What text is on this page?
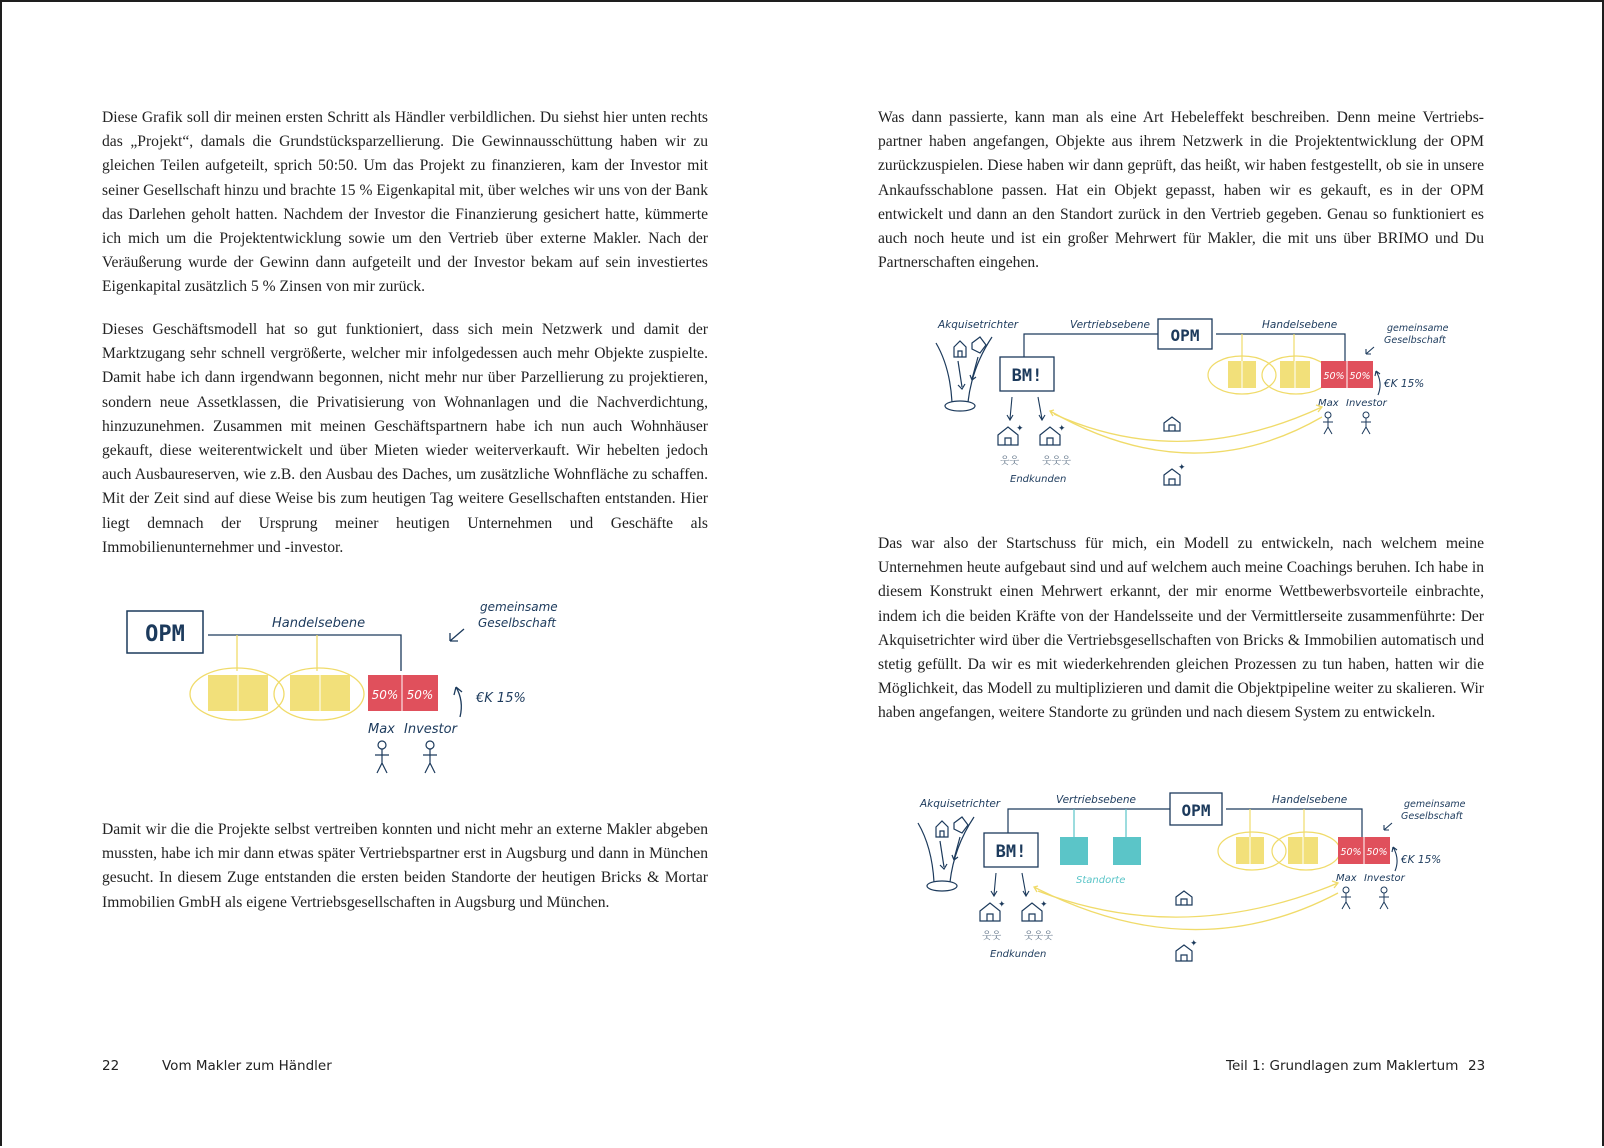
Diese Grafik soll dir meinen ersten Schritt als Händler verbildlichen. Du siehst hier unten rechts das „Projekt“, damals die Grundstücksparzellierung. Die Gewinnausschüttung haben wir zu gleichen Teilen aufgeteilt, sprich 50:50. Um das Projekt zu finanzieren, kam der Investor mit seiner Gesellschaft hinzu und brachte 15 % Eigenkapital mit, über welches wir uns von der Bank das Darlehen geholt hatten. Nachdem der Investor die Finanzierung gesichert hatte, kümmerte ich mich um die Projektentwicklung sowie um den Vertrieb über externe Makler. Nach der Veräußerung wurde der Gewinn dann aufgeteilt und der Investor bekam auf sein investiertes Eigenkapital zusätzlich 5 % Zinsen von mir zurück.

Dieses Geschäftsmodell hat so gut funktioniert, dass sich mein Netzwerk und damit der Marktzugang sehr schnell vergrößerte, welcher mir infolgedessen auch mehr Objekte zuspielte. Damit habe ich dann irgendwann begonnen, nicht mehr nur über Parzellierung zu projektieren, sondern neue Assetklassen, die Privatisierung von Wohnanlagen und die Nachverdichtung, hinzuzunehmen. Zusammen mit meinen Geschäftspartnern habe ich nun auch Wohnhäuser gekauft, diese weiterentwickelt und über Mieten wieder weiterverkauft. Wir hebelten jedoch auch Ausbaureserven, wie z.B. den Ausbau des Daches, um zusätzliche Wohnfläche zu schaffen. Mit der Zeit sind auf diese Weise bis zum heutigen Tag weitere Gesellschaften entstanden. Hier liegt demnach der Ursprung meiner heutigen Unternehmen und Geschäfte als Immobilienunternehmer und -investor.

OPM	Handelsebene
50% 50%
gemeinsame
Geselbschaft
€K 15%
Max Investor

Damit wir die die Projekte selbst vertreiben konnten und nicht mehr an externe Makler abgeben mussten, habe ich mir dann etwas später Vertriebspartner erst in Augsburg und dann in München gesucht. In diesem Zuge entstanden die ersten beiden Standorte der heutigen Bricks & Mortar Immobilien GmbH als eigene Vertriebsgesellschaften in Augsburg und München.

22	Vom Makler zum Händler

Was dann passierte, kann man als eine Art Hebeleffekt beschreiben. Denn meine Vertriebspartner haben angefangen, Objekte aus ihrem Netzwerk in die Projektentwicklung der OPM zurückzuspielen. Diese haben wir dann geprüft, das heißt, wir haben festgestellt, ob sie in unsere Ankaufsschablone passen. Hat ein Objekt gepasst, haben wir es gekauft, es in der OPM entwickelt und dann an den Standort zurück in den Vertrieb gegeben. Genau so funktioniert es auch noch heute und ist ein großer Mehrwert für Makler, die mit uns über BRIMO und Du Partnerschaften eingehen.

Akquisetrichter
BM!
Vertriebsebene
OPM
Handelsebene
50% 50%
gemeinsame
Geselbschaft
€K 15%
Max Investor
✦	✦
✦
웃웃 웃웃웃
Endkunden

Das war also der Startschuss für mich, ein Modell zu entwickeln, nach welchem meine Unternehmen heute aufgebaut sind und auf welchem auch meine Coachings beruhen. Ich habe in diesem Konstrukt einen Mehrwert erkannt, der mir enorme Wettbewerbsvorteile einbrachte, indem ich die beiden Kräfte von der Handelsseite und der Vermittlerseite zusammenführte: Der Akquisetrichter wird über die Vertriebsgesellschaften von Bricks & Immobilien automatisch und stetig gefüllt. Da wir es mit wiederkehrenden gleichen Prozessen zu tun haben, hatten wir die Möglichkeit, das Modell zu multiplizieren und damit die Objektpipeline weiter zu skalieren. Wir haben angefangen, weitere Standorte zu gründen und nach diesem System zu entwickeln.

Akquisetrichter
BM!
Vertriebsebene
Standorte
OPM
Handelsebene
50% 50%
gemeinsame
Geselbschaft
€K 15%
Max Investor
✦	✦
✦
웃웃 웃웃웃
Endkunden
Teil 1: Grundlagen zum Maklertum 23
